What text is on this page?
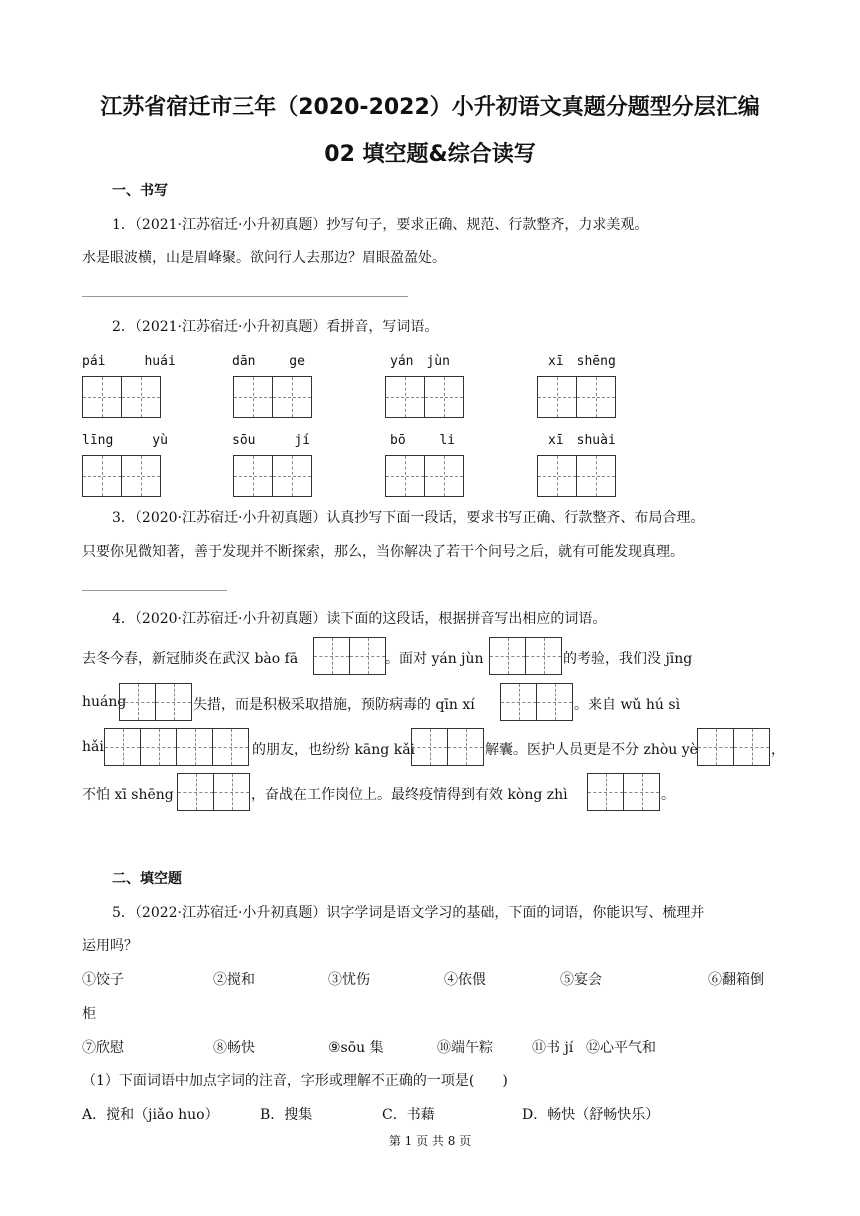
江苏省宿迁市三年（2020-2022）小升初语文真题分题型分层汇编
02 填空题&综合读写
一、书写
1．（2021·江苏宿迁·小升初真题）抄写句子，要求正确、规范、行款整齐，力求美观。
水是眼波横，山是眉峰聚。欲问行人去那边？眉眼盈盈处。
2．（2021·江苏宿迁·小升初真题）看拼音，写词语。
pái　　　huái	dān　　 ge	yán　jùn	xī　shēng
līng　　　yù	sōu　　　jí	bō　　 li	xī　shuài
3．（2020·江苏宿迁·小升初真题）认真抄写下面一段话，要求书写正确、行款整齐、布局合理。
只要你见微知著，善于发现并不断探索，那么，当你解决了若干个问号之后，就有可能发现真理。
4．（2020·江苏宿迁·小升初真题）读下面的这段话，根据拼音写出相应的词语。
去冬今春，新冠肺炎在武汉 bào fā	。面对 yán jùn	的考验，我们没 jīng
huáng	失措，而是积极采取措施，预防病毒的 qīn xí	。来自 wǔ hú sì
hǎi	的朋友，也纷纷 kāng kǎi	解囊。医护人员更是不分 zhòu yè	，
不怕 xī shēng	，奋战在工作岗位上。最终疫情得到有效 kòng zhì	。
二、填空题
5．（2022·江苏宿迁·小升初真题）识字学词是语文学习的基础，下面的词语，你能识写、梳理并
运用吗？
①饺子	②搅和	③忧伤	④依偎	⑤宴会	⑥翻箱倒
柜
⑦欣慰	⑧畅快	⑨sōu 集	⑩端午粽	⑪书 jí ⑫心平气和
（1）下面词语中加点字词的注音，字形或理解不正确的一项是(　　)
A．搅和（jiǎo huo）	B．搜集	C．书藉	D．畅快（舒畅快乐）
第 1 页 共 8 页
